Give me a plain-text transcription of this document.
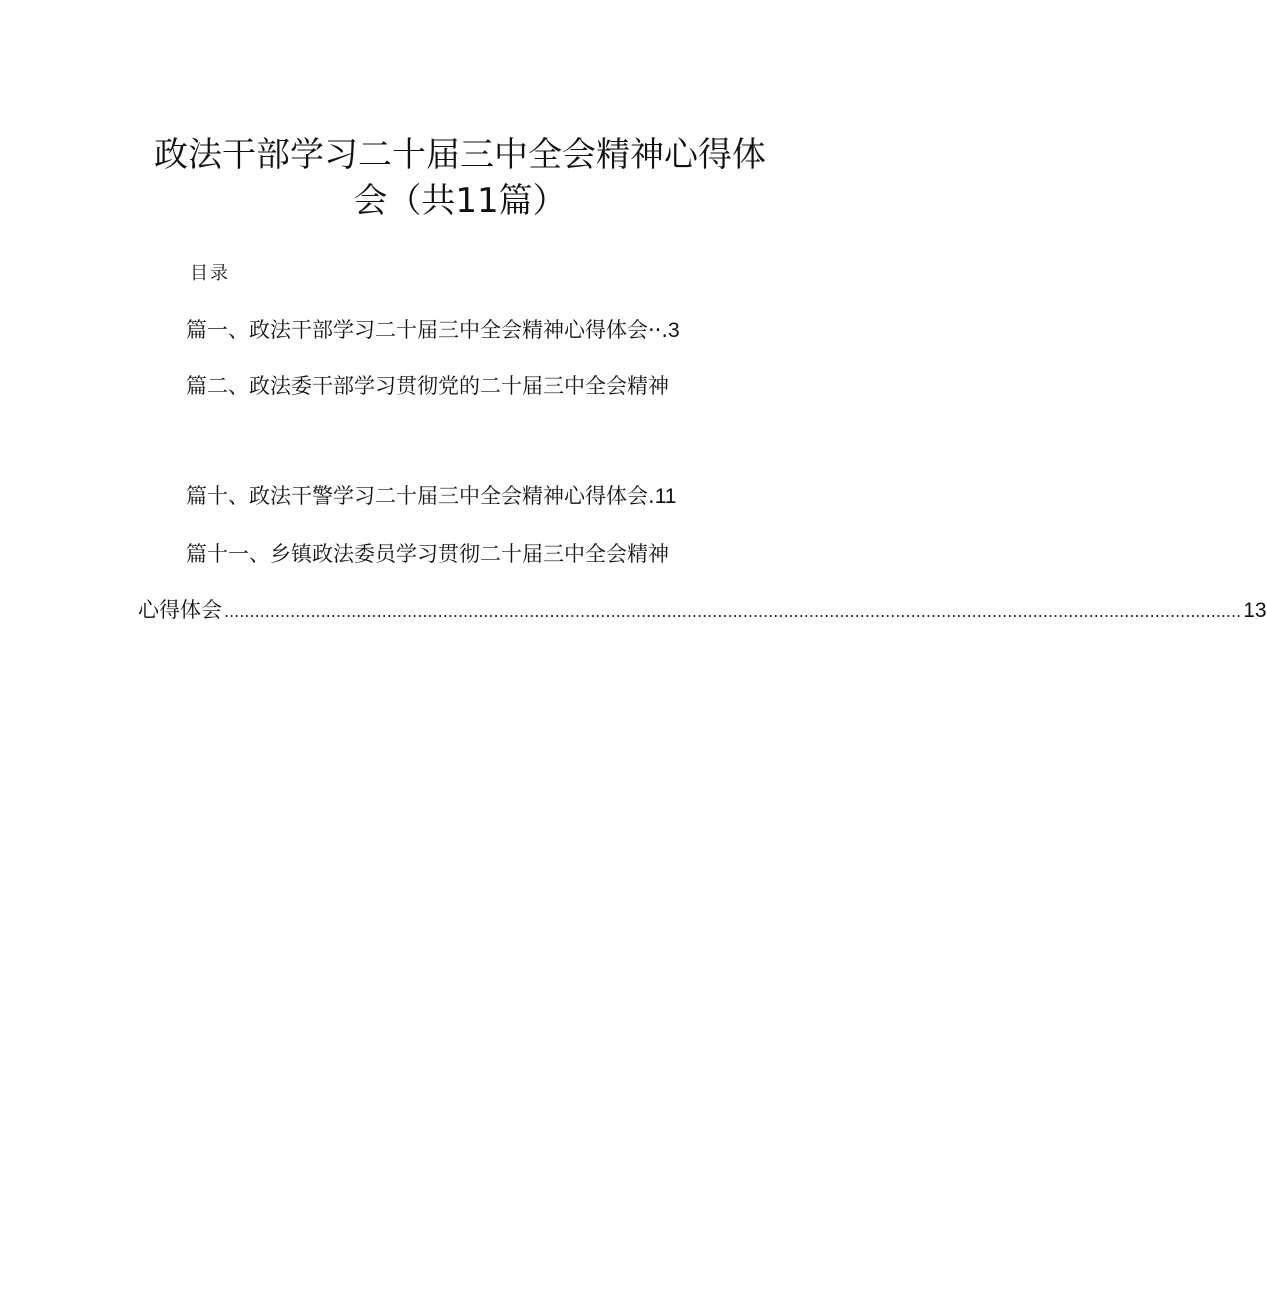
政法干部学习二十届三中全会精神心得体
会（共11篇）
目录
篇一、政法干部学习二十届三中全会精神心得体会··.3
篇二、政法委干部学习贯彻党的二十届三中全会精神
篇十、政法干警学习二十届三中全会精神心得体会.11
篇十一、乡镇政法委员学习贯彻二十届三中全会精神
心得体会 ........................................................................................................................................................................................................ 13
